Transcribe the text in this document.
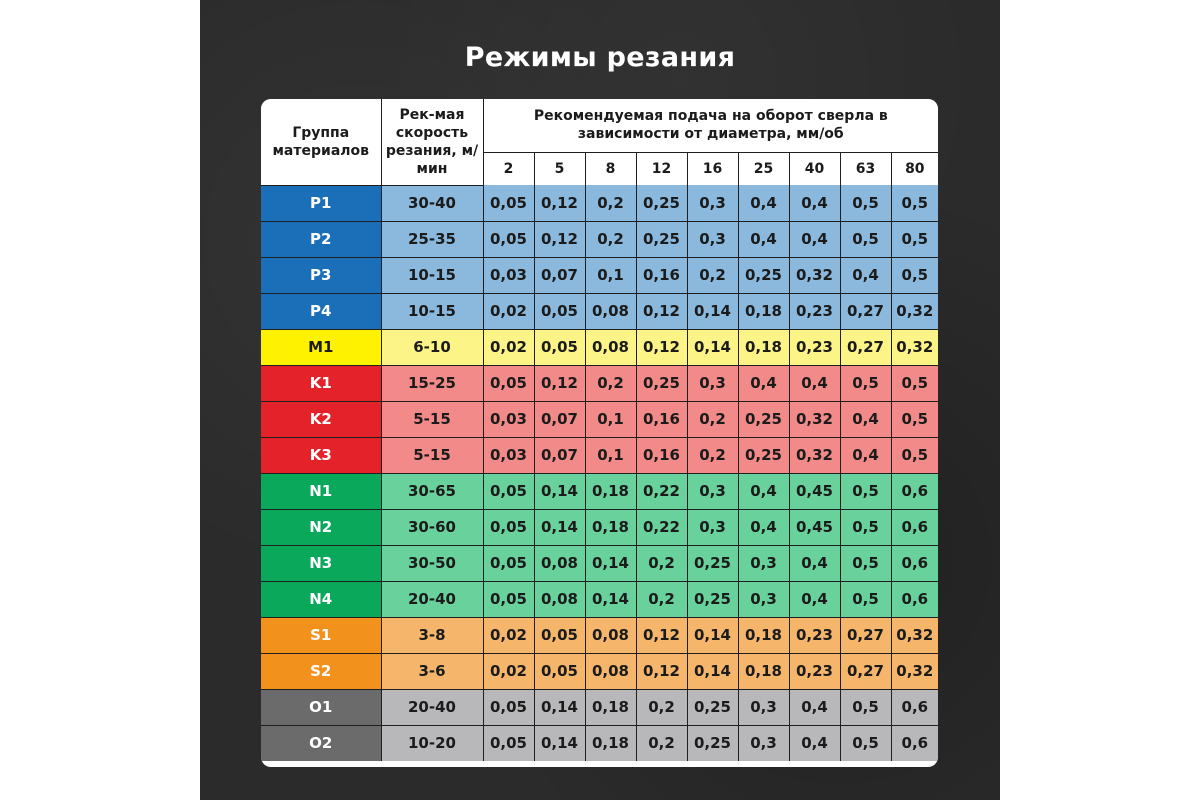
Режимы резания
Группа материалов	Рек-мая скорость резания, м/мин	Рекомендуемая подача на оборот сверла в зависимости от диаметра, мм/об								
		2	5	8	12	16	25	40	63	80
P1	30-40	0,05	0,12	0,2	0,25	0,3	0,4	0,4	0,5	0,5
P2	25-35	0,05	0,12	0,2	0,25	0,3	0,4	0,4	0,5	0,5
P3	10-15	0,03	0,07	0,1	0,16	0,2	0,25	0,32	0,4	0,5
P4	10-15	0,02	0,05	0,08	0,12	0,14	0,18	0,23	0,27	0,32
M1	6-10	0,02	0,05	0,08	0,12	0,14	0,18	0,23	0,27	0,32
K1	15-25	0,05	0,12	0,2	0,25	0,3	0,4	0,4	0,5	0,5
K2	5-15	0,03	0,07	0,1	0,16	0,2	0,25	0,32	0,4	0,5
K3	5-15	0,03	0,07	0,1	0,16	0,2	0,25	0,32	0,4	0,5
N1	30-65	0,05	0,14	0,18	0,22	0,3	0,4	0,45	0,5	0,6
N2	30-60	0,05	0,14	0,18	0,22	0,3	0,4	0,45	0,5	0,6
N3	30-50	0,05	0,08	0,14	0,2	0,25	0,3	0,4	0,5	0,6
N4	20-40	0,05	0,08	0,14	0,2	0,25	0,3	0,4	0,5	0,6
S1	3-8	0,02	0,05	0,08	0,12	0,14	0,18	0,23	0,27	0,32
S2	3-6	0,02	0,05	0,08	0,12	0,14	0,18	0,23	0,27	0,32
O1	20-40	0,05	0,14	0,18	0,2	0,25	0,3	0,4	0,5	0,6
O2	10-20	0,05	0,14	0,18	0,2	0,25	0,3	0,4	0,5	0,6
